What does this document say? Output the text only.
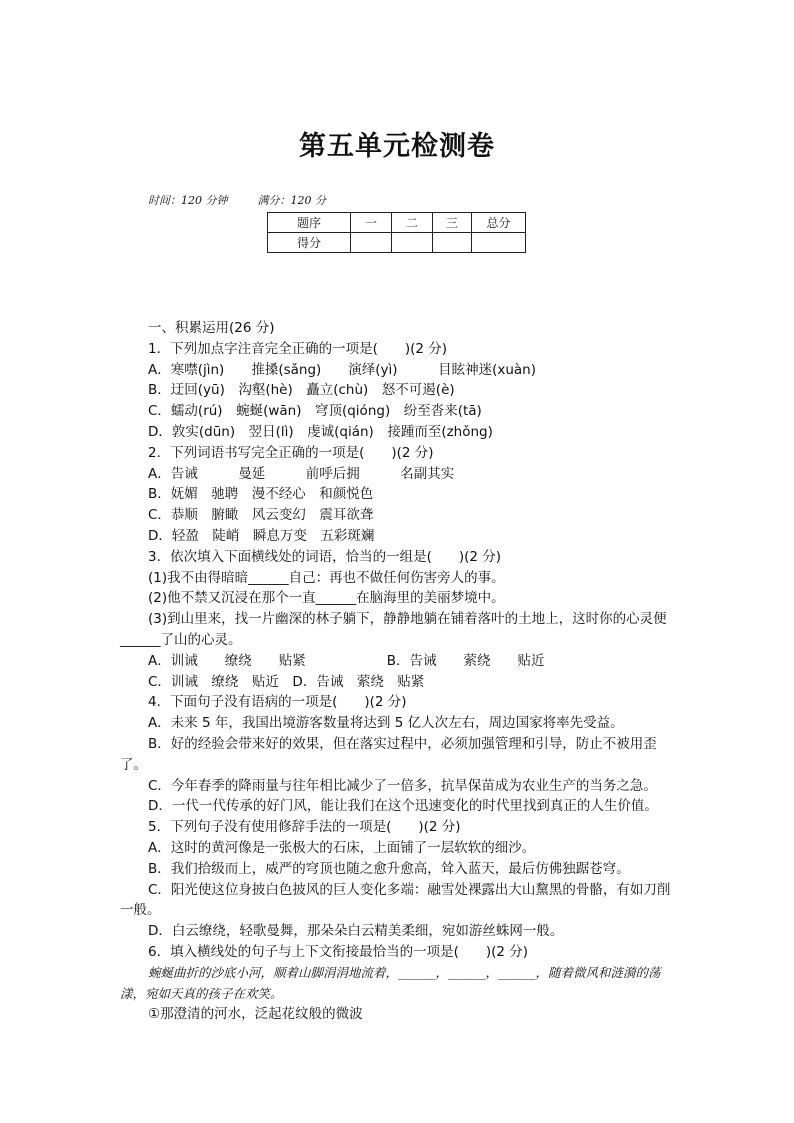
第五单元检测卷
时间：120 分钟	满分：120 分
题序	一	二	三	总分
得分				
一、积累运用(26 分)
1．下列加点字注音完全正确的一项是(　　)(2 分)
A．寒噤(jìn)　　推搡(sǎng)　　演绎(yì)　　　目眩神迷(xuàn)
B．迂回(yū)　沟壑(hè)　矗立(chù)　怒不可遏(è)
C．蠕动(rú)　蜿蜒(wān)　穹顶(qióng)　纷至沓来(tā)
D．敦实(dūn)　翌日(lì)　虔诚(qián)　接踵而至(zhǒng)
2．下列词语书写完全正确的一项是(　　)(2 分)
A．告诫　　　曼延　　　前呼后拥　　　名副其实
B．妩媚　驰聘　漫不经心　和颜悦色
C．恭顺　腑瞰　风云变幻　震耳欲聋
D．轻盈　陡峭　瞬息万变　五彩斑斓
3．依次填入下面横线处的词语，恰当的一组是(　　)(2 分)
(1)我不由得暗暗______自己：再也不做任何伤害旁人的事。
(2)他不禁又沉浸在那个一直______在脑海里的美丽梦境中。
(3)到山里来，找一片幽深的林子躺下，静静地躺在铺着落叶的土地上，这时你的心灵便______了山的心灵。
A．训诫　　缭绕　　贴紧　　　　　　B．告诫　　萦绕　　贴近
C．训诫　缭绕　贴近　D．告诫　萦绕　贴紧
4．下面句子没有语病的一项是(　　)(2 分)
A．未来 5 年，我国出境游客数量将达到 5 亿人次左右，周边国家将率先受益。
B．好的经验会带来好的效果，但在落实过程中，必须加强管理和引导，防止不被用歪了。
C．今年春季的降雨量与往年相比减少了一倍多，抗旱保苗成为农业生产的当务之急。
D．一代一代传承的好门风，能让我们在这个迅速变化的时代里找到真正的人生价值。
5．下列句子没有使用修辞手法的一项是(　　)(2 分)
A．这时的黄河像是一张极大的石床，上面铺了一层软软的细沙。
B．我们拾级而上，威严的穹顶也随之愈升愈高，耸入蓝天，最后仿佛独踞苍穹。
C．阳光使这位身披白色披风的巨人变化多端：融雪处裸露出大山黧黑的骨骼，有如刀削一般。
D．白云缭绕，轻歌曼舞，那朵朵白云精美柔细，宛如游丝蛛网一般。
6．填入横线处的句子与上下文衔接最恰当的一项是(　　)(2 分)
蜿蜒曲折的沙底小河，顺着山脚涓涓地流着，______，______，______，随着微风和涟漪的荡漾，宛如天真的孩子在欢笑。
①那澄清的河水，泛起花纹般的微波
